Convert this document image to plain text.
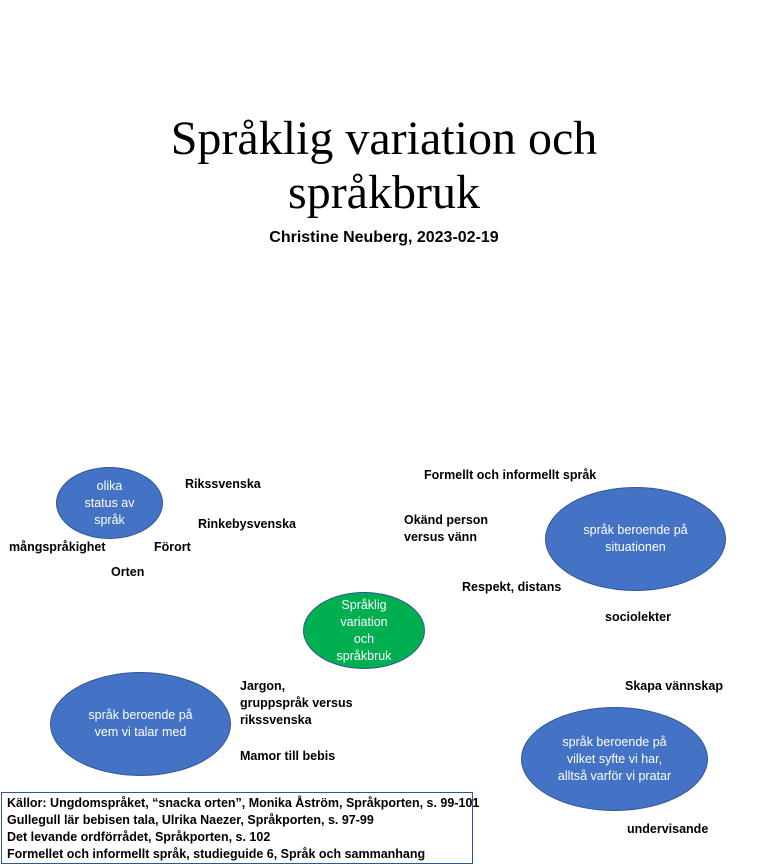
Språklig variation och
språkbruk

Christine Neuberg, 2023-02-19

olika status av språk
språk beroende på situationen
Språklig variation och språkbruk
språk beroende på vem vi talar med
språk beroende på vilket syfte vi har, alltså varför vi pratar
Rikssvenska
Rinkebysvenska
mångspråkighet	Förort
Orten
Formellt och informellt språk
Okänd person
versus vänn
Respekt, distans
sociolekter
Skapa vännskap
Jargon,
gruppspråk versus
rikssvenska
Mamor till bebis
undervisande
Källor: Ungdomspråket, “snacka orten”, Monika Åström, Språkporten, s. 99-101
Gullegull lär bebisen tala, Ulrika Naezer, Språkporten, s. 97-99
Det levande ordförrådet, Språkporten, s. 102
Formellet och informellt språk, studieguide 6, Språk och sammanhang
